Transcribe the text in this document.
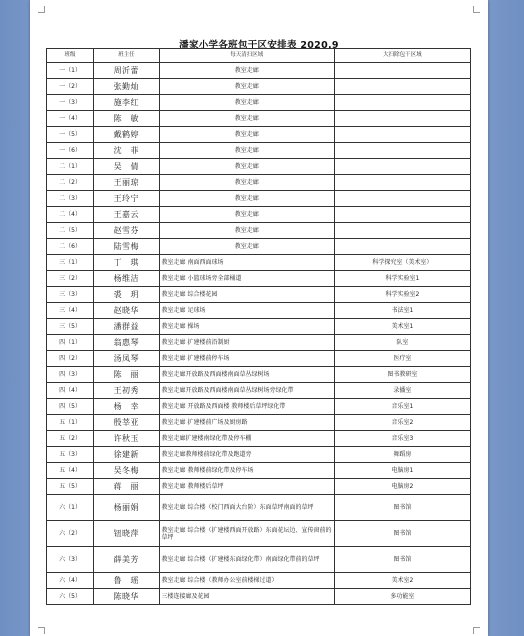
潘家小学各班包干区安排表 2020.9
班级	班主任	每天清扫区域	大扫除包干区域
一（1）	周沂蕾	教室走廊	
一（2）	张勤灿	教室走廊	
一（3）	施李红	教室走廊	
一（4）	陈　敏	教室走廊	
一（5）	戴鹤婷	教室走廊	
一（6）	沈　菲	教室走廊	
二（1）	吴　倩	教室走廊	
二（2）	王丽琼	教室走廊	
二（3）	王玲宁	教室走廊	
二（4）	王嘉云	教室走廊	
二（5）	赵雪芬	教室走廊	
二（6）	陆雪梅	教室走廊	
三（1）	丁　琪	教室走廊 南面西面球场	科学探究室（美术室）
三（2）	杨维洁	教室走廊 小篮球场旁全部桶道	科学实验室1
三（3）	裘　玥	教室走廊 综合楼花园	科学实验室2
三（4）	赵晓华	教室走廊 足球场	书法室1
三（5）	潘群益	教室走廊 操场	美术室1
四（1）	翁惠琴	教室走廊 扩建楼前沿制厨	队室
四（2）	汤凤琴	教室走廊 扩建楼前停车场	医疗室
四（3）	陈　丽	教室走廊开放路及西面楼南面草丛绿树场	图书教研室
四（4）	王初秀	教室走廊开放路及西面楼南面草丛绿树场旁绿化带	录播室
四（5）	杨　幸	教室走廊 开放路及西面楼 教师楼后草坪绿化带	音乐室1
五（1）	殷莘亚	教室走廊 扩建楼前广场及厨房路	音乐室2
五（2）	许秋玉	教室走廊扩建楼南绿化带及停车棚	音乐室3
五（3）	徐建新	教室走廊教师楼前绿化带及跑道旁	舞蹈房
五（4）	吴冬梅	教室走廊 教师楼前绿化带及停车场	电脑房1
五（5）	蒋　丽	教室走廊 教师楼后草坪	电脑房2
六（1）	杨丽娟	教室走廊 综合楼（校门西面大台阶）东面草坪南面的草坪	图书馆
六（2）	钮晓萍	教室走廊 综合楼（扩建楼西面开放路）东面花坛边、宣传窗前的草坪	图书馆
六（3）	薛美芳	教室走廊 综合楼（扩建楼东面绿化带）南面绿化带前的草坪	图书馆
六（4）	鲁　瑶	教室走廊 综合楼（教师办公室前楼梯过道）	美术室2
六（5）	陈晓华	三楼连接廊及花园	多功能室
